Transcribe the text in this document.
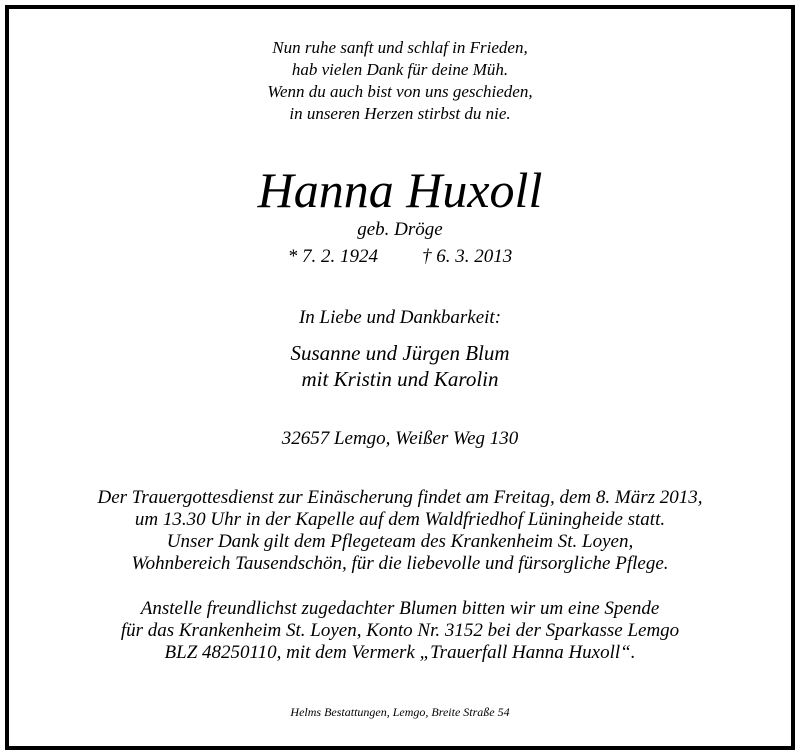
Nun ruhe sanft und schlaf in Frieden,
hab vielen Dank für deine Müh.
Wenn du auch bist von uns geschieden,
in unseren Herzen stirbst du nie.
Hanna Huxoll
geb. Dröge
* 7. 2. 1924 † 6. 3. 2013
In Liebe und Dankbarkeit:
Susanne und Jürgen Blum
mit Kristin und Karolin
32657 Lemgo, Weißer Weg 130
Der Trauergottesdienst zur Einäscherung findet am Freitag, dem 8. März 2013,
um 13.30 Uhr in der Kapelle auf dem Waldfriedhof Lüningheide statt.
Unser Dank gilt dem Pflegeteam des Krankenheim St. Loyen,
Wohnbereich Tausendschön, für die liebevolle und fürsorgliche Pflege.
Anstelle freundlichst zugedachter Blumen bitten wir um eine Spende
für das Krankenheim St. Loyen, Konto Nr. 3152 bei der Sparkasse Lemgo
BLZ 48250110, mit dem Vermerk „Trauerfall Hanna Huxoll“.
Helms Bestattungen, Lemgo, Breite Straße 54
